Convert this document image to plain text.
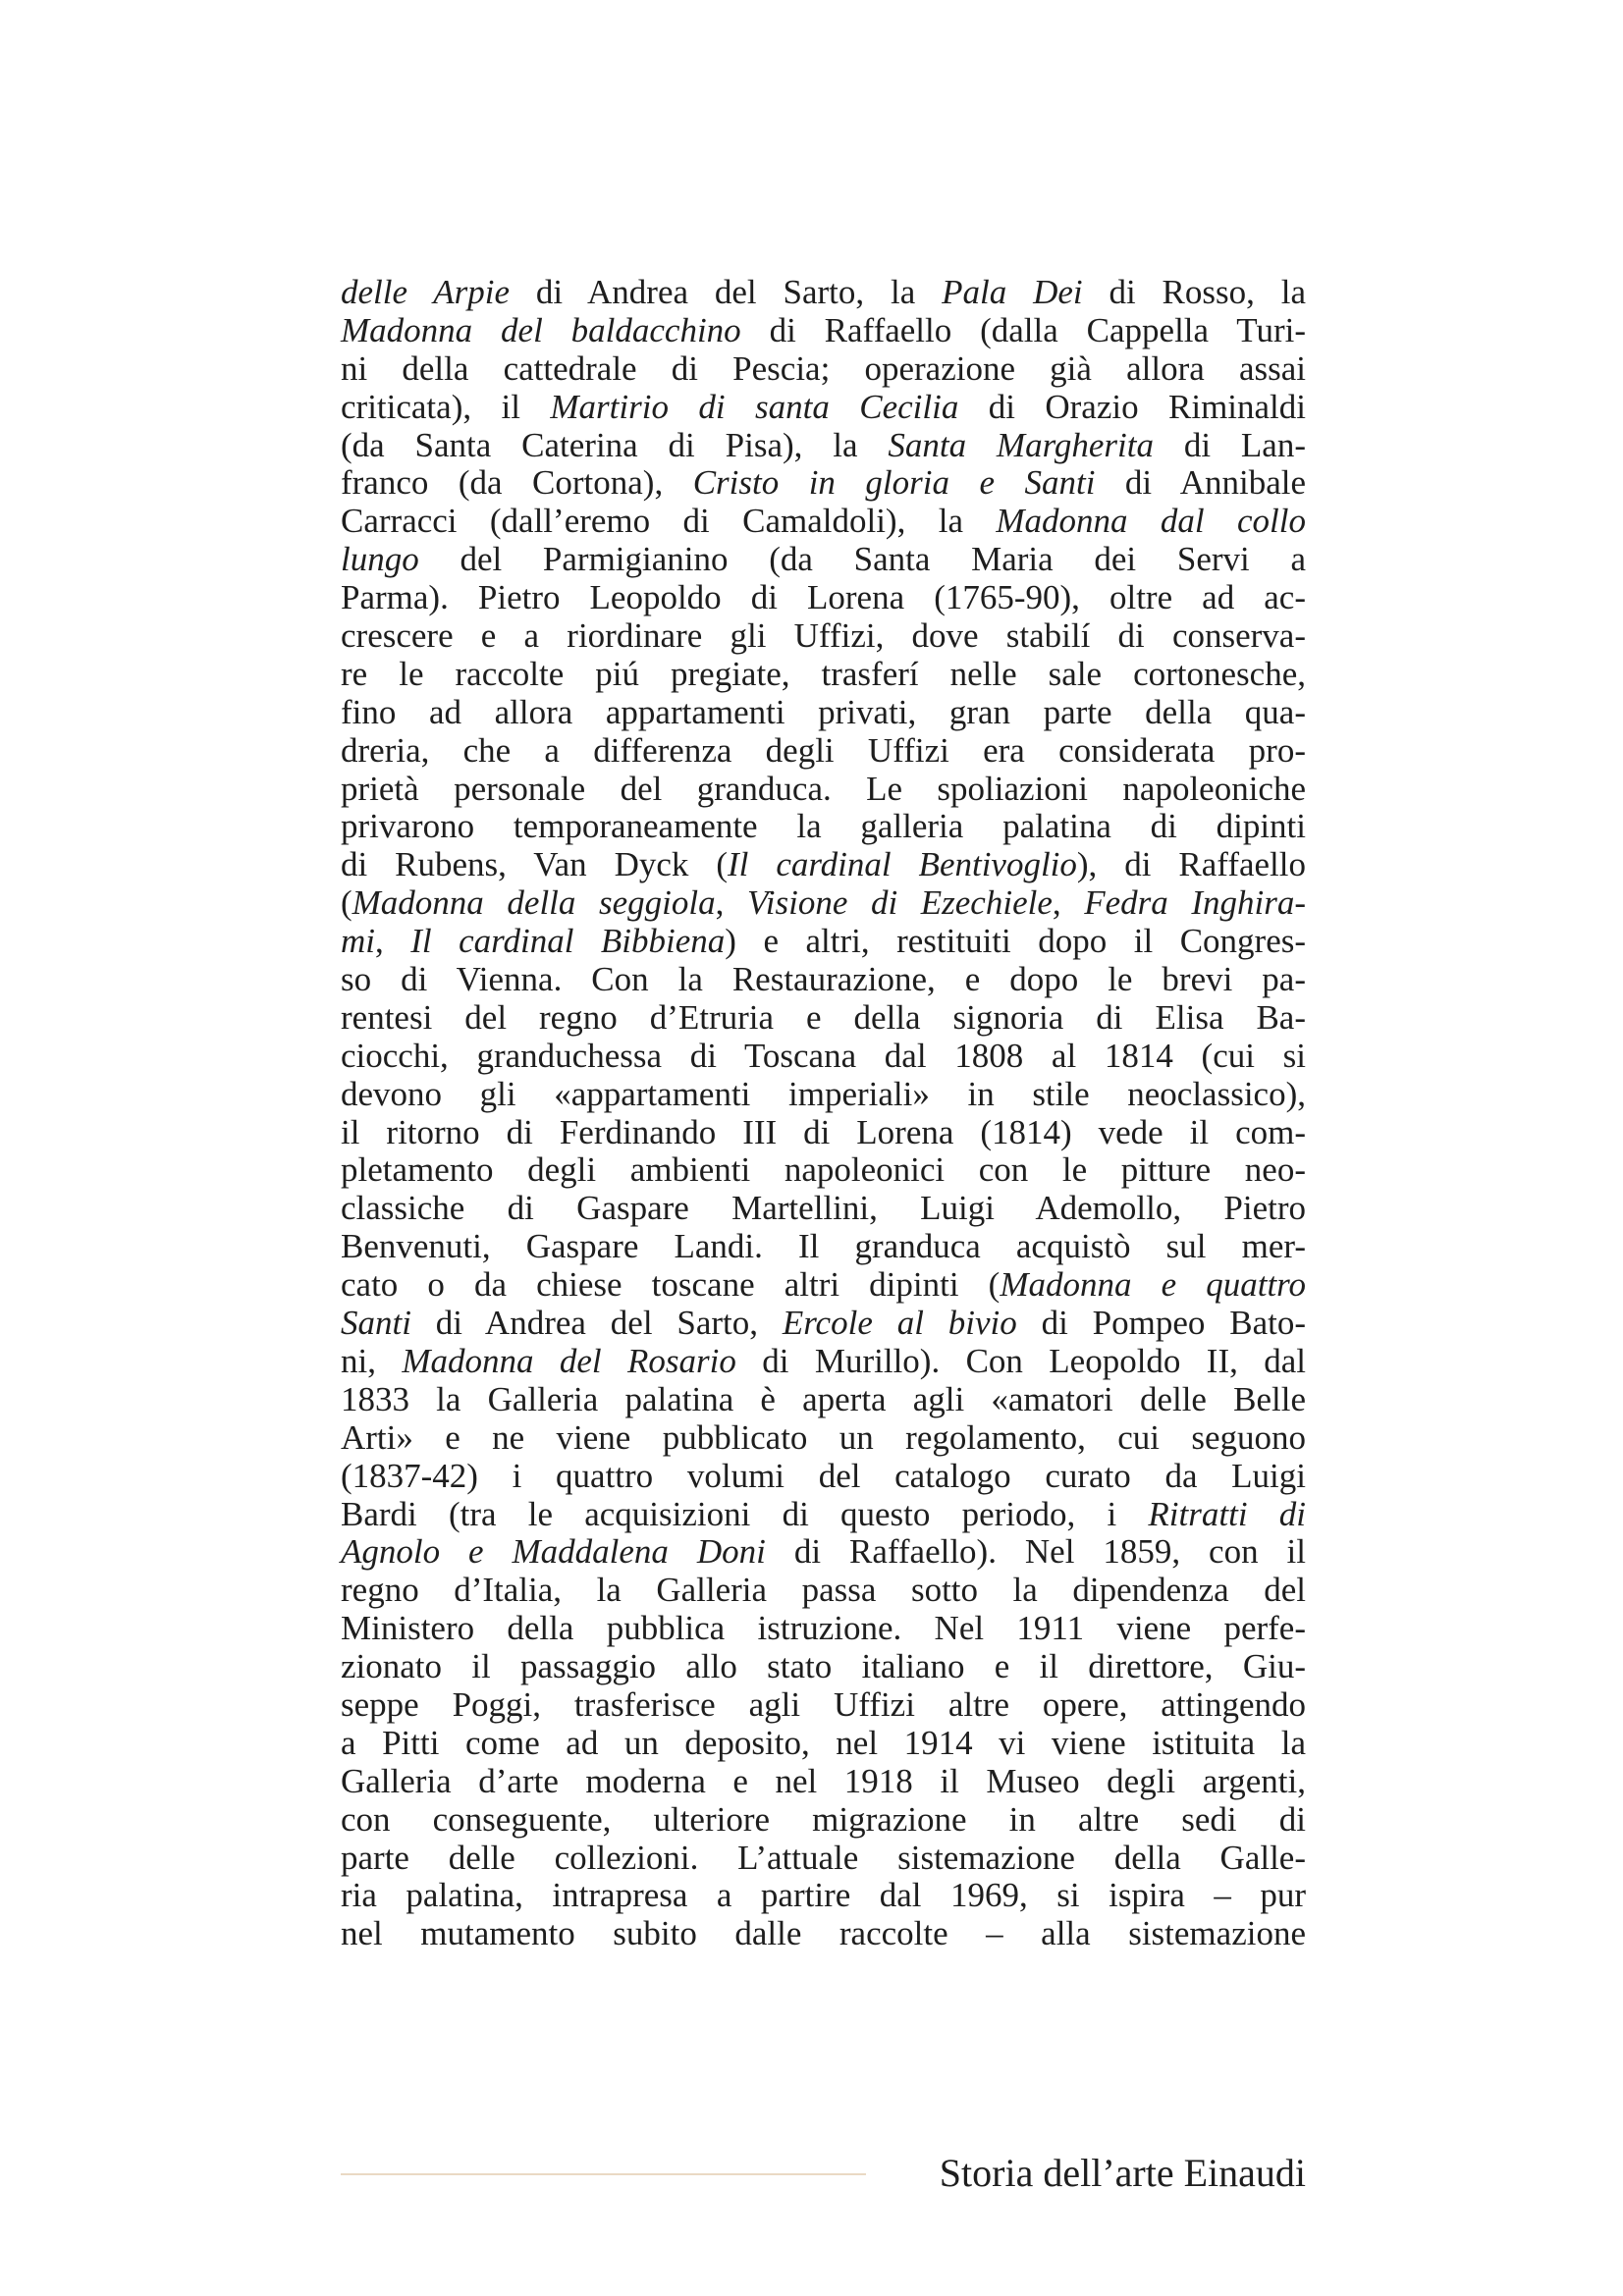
delle Arpie di Andrea del Sarto, la Pala Dei di Rosso, la
Madonna del baldacchino di Raffaello (dalla Cappella Turi-
ni della cattedrale di Pescia; operazione già allora assai
criticata), il Martirio di santa Cecilia di Orazio Riminaldi
(da Santa Caterina di Pisa), la Santa Margherita di Lan-
franco (da Cortona), Cristo in gloria e Santi di Annibale
Carracci (dall’eremo di Camaldoli), la Madonna dal collo
lungo del Parmigianino (da Santa Maria dei Servi a
Parma). Pietro Leopoldo di Lorena (1765-90), oltre ad ac-
crescere e a riordinare gli Uffizi, dove stabilí di conserva-
re le raccolte piú pregiate, trasferí nelle sale cortonesche,
fino ad allora appartamenti privati, gran parte della qua-
dreria, che a differenza degli Uffizi era considerata pro-
prietà personale del granduca. Le spoliazioni napoleoniche
privarono temporaneamente la galleria palatina di dipinti
di Rubens, Van Dyck (Il cardinal Bentivoglio), di Raffaello
(Madonna della seggiola, Visione di Ezechiele, Fedra Inghira-
mi, Il cardinal Bibbiena) e altri, restituiti dopo il Congres-
so di Vienna. Con la Restaurazione, e dopo le brevi pa-
rentesi del regno d’Etruria e della signoria di Elisa Ba-
ciocchi, granduchessa di Toscana dal 1808 al 1814 (cui si
devono gli «appartamenti imperiali» in stile neoclassico),
il ritorno di Ferdinando III di Lorena (1814) vede il com-
pletamento degli ambienti napoleonici con le pitture neo-
classiche di Gaspare Martellini, Luigi Ademollo, Pietro
Benvenuti, Gaspare Landi. Il granduca acquistò sul mer-
cato o da chiese toscane altri dipinti (Madonna e quattro
Santi di Andrea del Sarto, Ercole al bivio di Pompeo Bato-
ni, Madonna del Rosario di Murillo). Con Leopoldo II, dal
1833 la Galleria palatina è aperta agli «amatori delle Belle
Arti» e ne viene pubblicato un regolamento, cui seguono
(1837-42) i quattro volumi del catalogo curato da Luigi
Bardi (tra le acquisizioni di questo periodo, i Ritratti di
Agnolo e Maddalena Doni di Raffaello). Nel 1859, con il
regno d’Italia, la Galleria passa sotto la dipendenza del
Ministero della pubblica istruzione. Nel 1911 viene perfe-
zionato il passaggio allo stato italiano e il direttore, Giu-
seppe Poggi, trasferisce agli Uffizi altre opere, attingendo
a Pitti come ad un deposito, nel 1914 vi viene istituita la
Galleria d’arte moderna e nel 1918 il Museo degli argenti,
con conseguente, ulteriore migrazione in altre sedi di
parte delle collezioni. L’attuale sistemazione della Galle-
ria palatina, intrapresa a partire dal 1969, si ispira – pur
nel mutamento subito dalle raccolte – alla sistemazione
Storia dell’arte Einaudi
